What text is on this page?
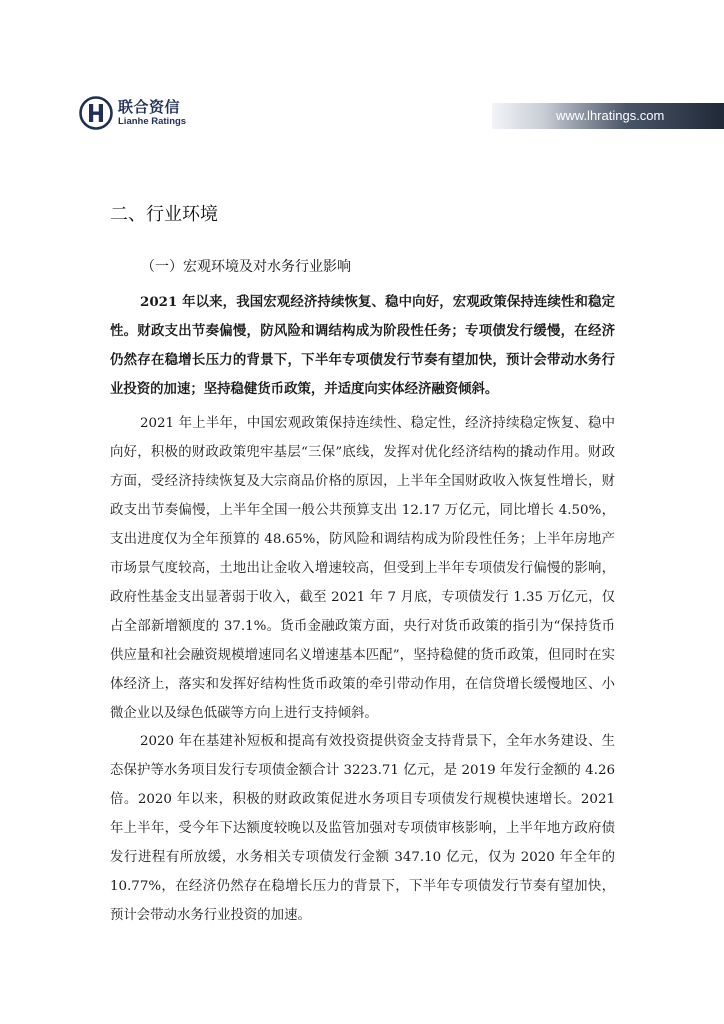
联合资信
Lianhe Ratings	www.lhratings.com
二、行业环境
（一）宏观环境及对水务行业影响

2021 年以来，我国宏观经济持续恢复、稳中向好，宏观政策保持连续性和稳定性。财政支出节奏偏慢，防风险和调结构成为阶段性任务；专项债发行缓慢，在经济仍然存在稳增长压力的背景下，下半年专项债发行节奏有望加快，预计会带动水务行业投资的加速；坚持稳健货币政策，并适度向实体经济融资倾斜。

2021 年上半年，中国宏观政策保持连续性、稳定性，经济持续稳定恢复、稳中向好，积极的财政政策兜牢基层“三保”底线，发挥对优化经济结构的撬动作用。财政方面，受经济持续恢复及大宗商品价格的原因，上半年全国财政收入恢复性增长，财政支出节奏偏慢，上半年全国一般公共预算支出 12.17 万亿元，同比增长 4.50%，支出进度仅为全年预算的 48.65%，防风险和调结构成为阶段性任务；上半年房地产市场景气度较高，土地出让金收入增速较高，但受到上半年专项债发行偏慢的影响，政府性基金支出显著弱于收入，截至 2021 年 7 月底，专项债发行 1.35 万亿元，仅占全部新增额度的 37.1%。货币金融政策方面，央行对货币政策的指引为“保持货币供应量和社会融资规模增速同名义增速基本匹配”，坚持稳健的货币政策，但同时在实体经济上，落实和发挥好结构性货币政策的牵引带动作用，在信贷增长缓慢地区、小微企业以及绿色低碳等方向上进行支持倾斜。

2020 年在基建补短板和提高有效投资提供资金支持背景下，全年水务建设、生态保护等水务项目发行专项债金额合计 3223.71 亿元，是 2019 年发行金额的 4.26 倍。2020 年以来，积极的财政政策促进水务项目专项债发行规模快速增长。2021 年上半年，受今年下达额度较晚以及监管加强对专项债审核影响，上半年地方政府债发行进程有所放缓，水务相关专项债发行金额 347.10 亿元，仅为 2020 年全年的 10.77%，在经济仍然存在稳增长压力的背景下，下半年专项债发行节奏有望加快，预计会带动水务行业投资的加速。
